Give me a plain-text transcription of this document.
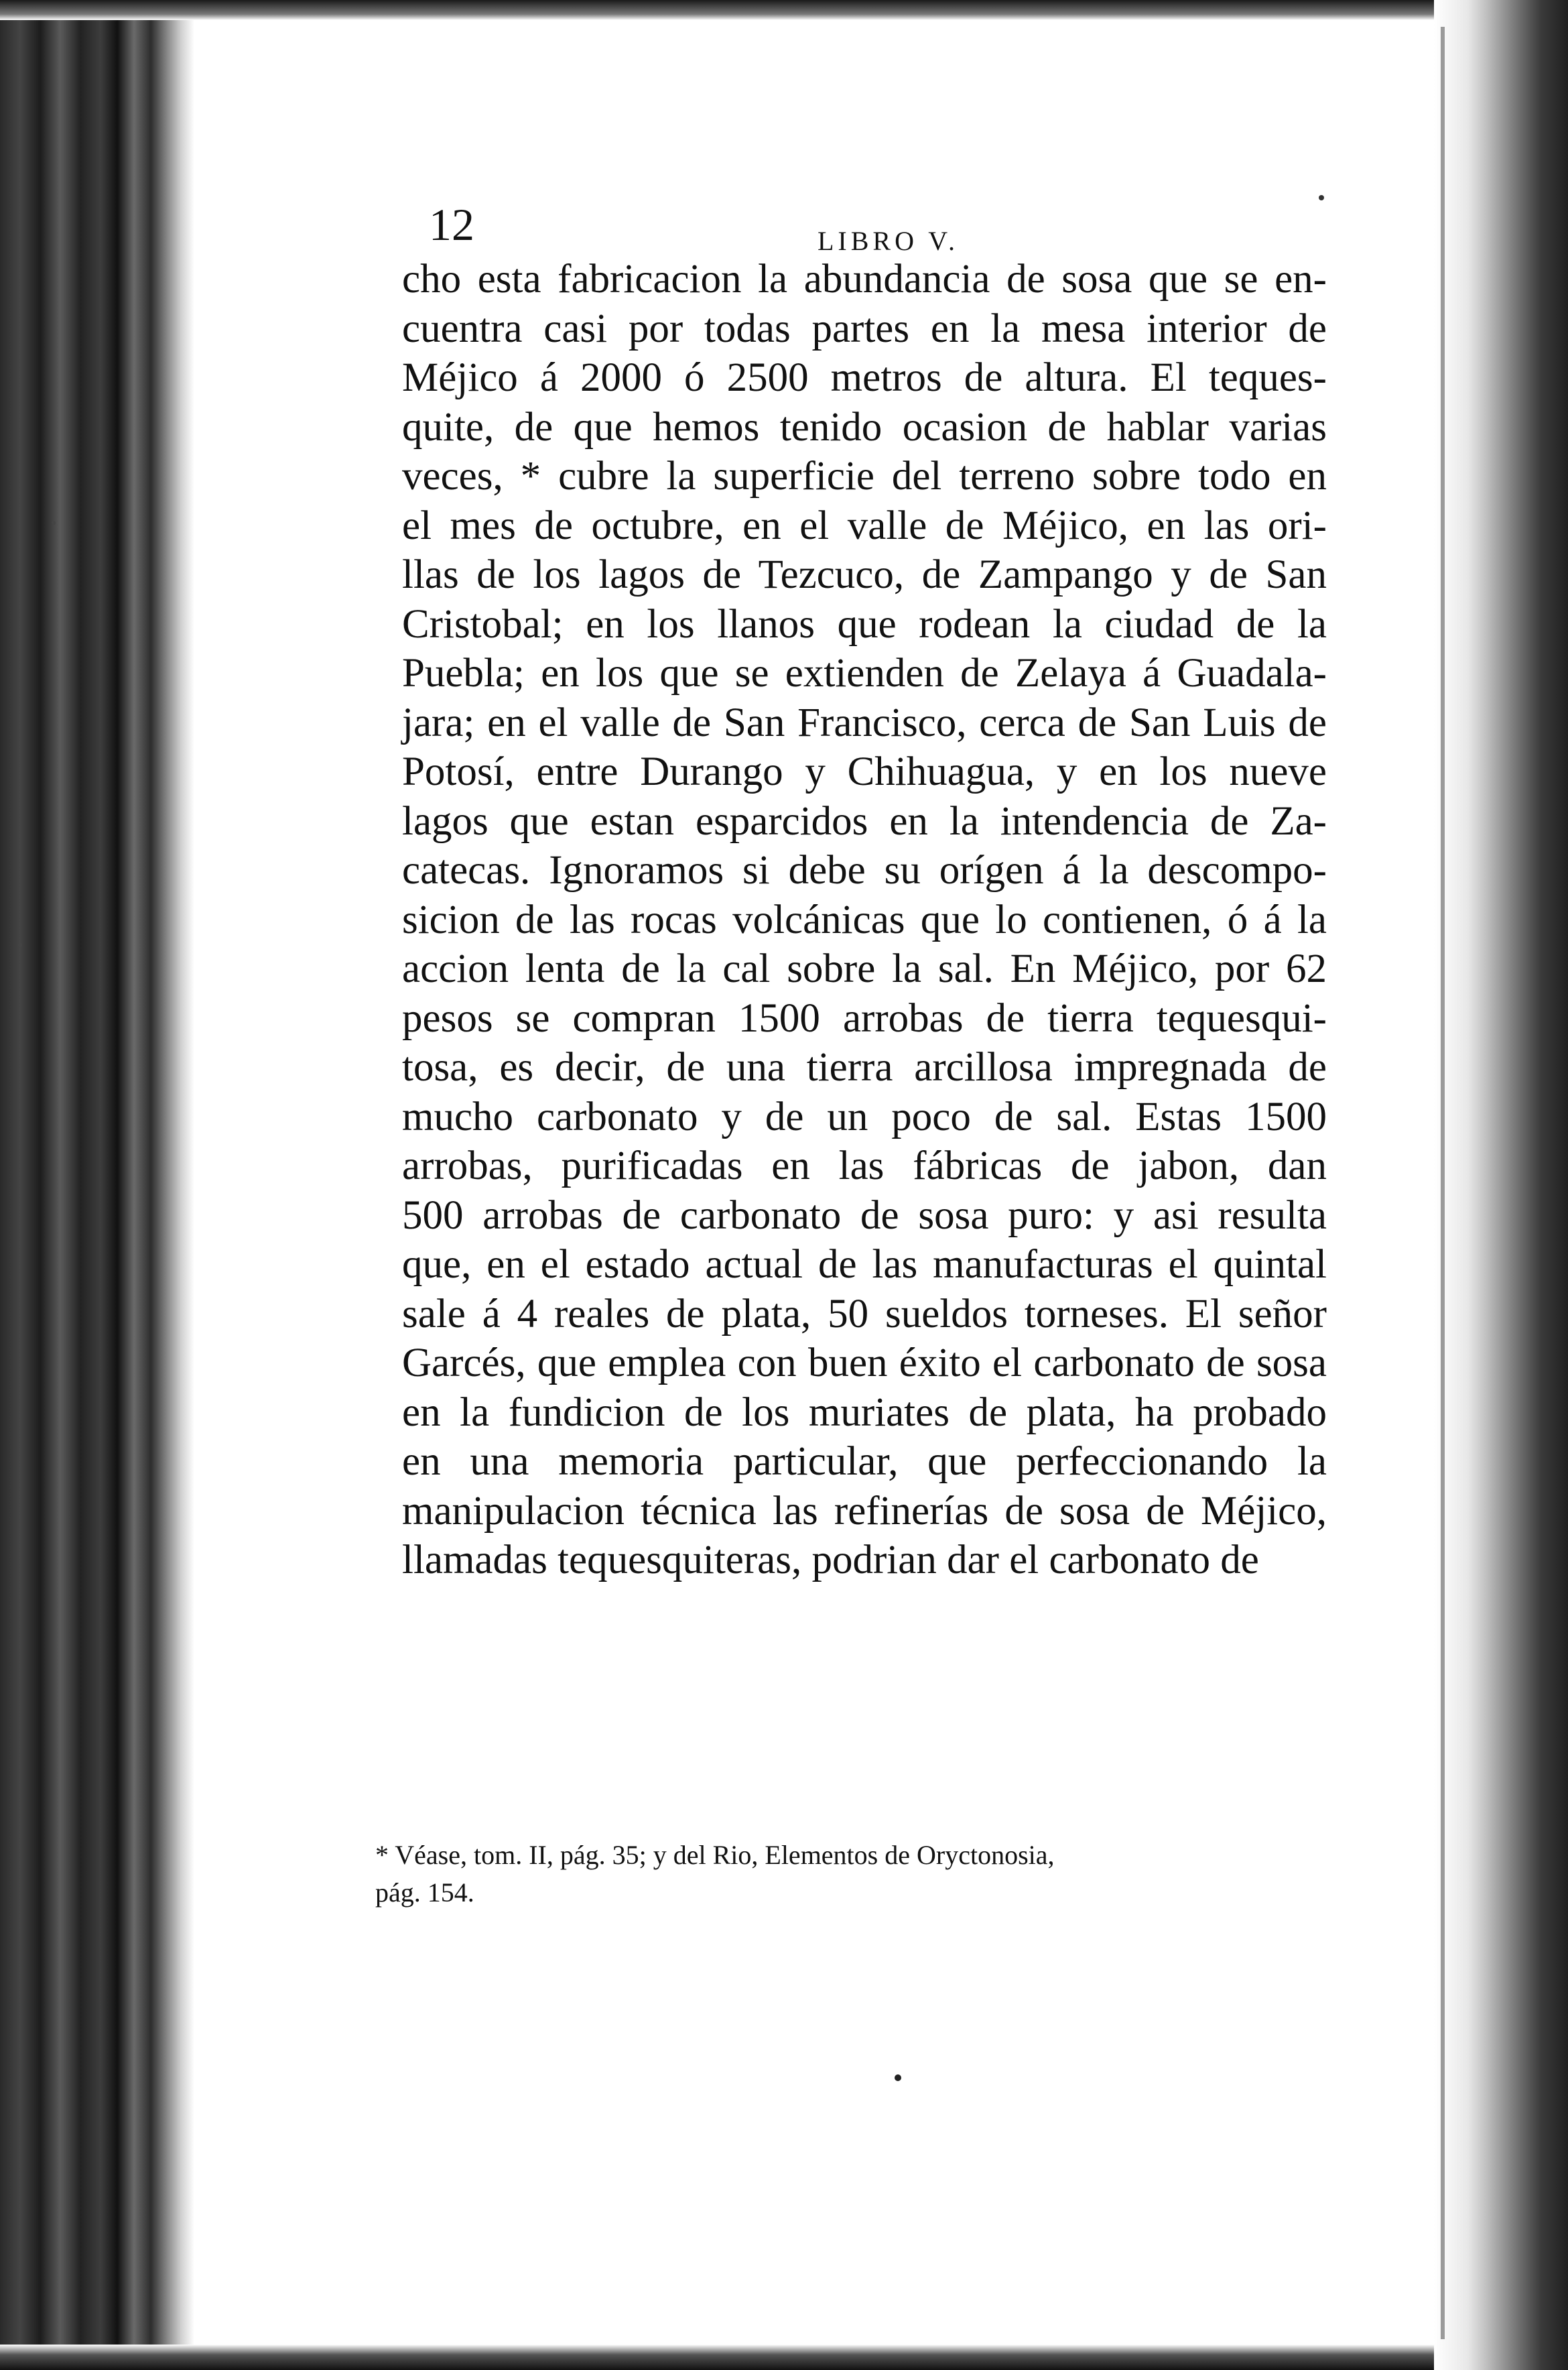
12	LIBRO V.
cho esta fabricacion la abundancia de sosa que se en-
cuentra casi por todas partes en la mesa interior de
Méjico á 2000 ó 2500 metros de altura. El teques-
quite, de que hemos tenido ocasion de hablar varias
veces, * cubre la superficie del terreno sobre todo en
el mes de octubre, en el valle de Méjico, en las ori-
llas de los lagos de Tezcuco, de Zampango y de San
Cristobal; en los llanos que rodean la ciudad de la
Puebla; en los que se extienden de Zelaya á Guadala-
jara; en el valle de San Francisco, cerca de San Luis de
Potosí, entre Durango y Chihuagua, y en los nueve
lagos que estan esparcidos en la intendencia de Za-
catecas. Ignoramos si debe su orígen á la descompo-
sicion de las rocas volcánicas que lo contienen, ó á la
accion lenta de la cal sobre la sal. En Méjico, por 62
pesos se compran 1500 arrobas de tierra tequesqui-
tosa, es decir, de una tierra arcillosa impregnada de
mucho carbonato y de un poco de sal. Estas 1500
arrobas, purificadas en las fábricas de jabon, dan
500 arrobas de carbonato de sosa puro: y asi resulta
que, en el estado actual de las manufacturas el quintal
sale á 4 reales de plata, 50 sueldos torneses. El señor
Garcés, que emplea con buen éxito el carbonato de sosa
en la fundicion de los muriates de plata, ha probado
en una memoria particular, que perfeccionando la
manipulacion técnica las refinerías de sosa de Méjico,
llamadas tequesquiteras, podrian dar el carbonato de
* Véase, tom. II, pág. 35; y del Rio, Elementos de Oryctonosia,
pág. 154.
